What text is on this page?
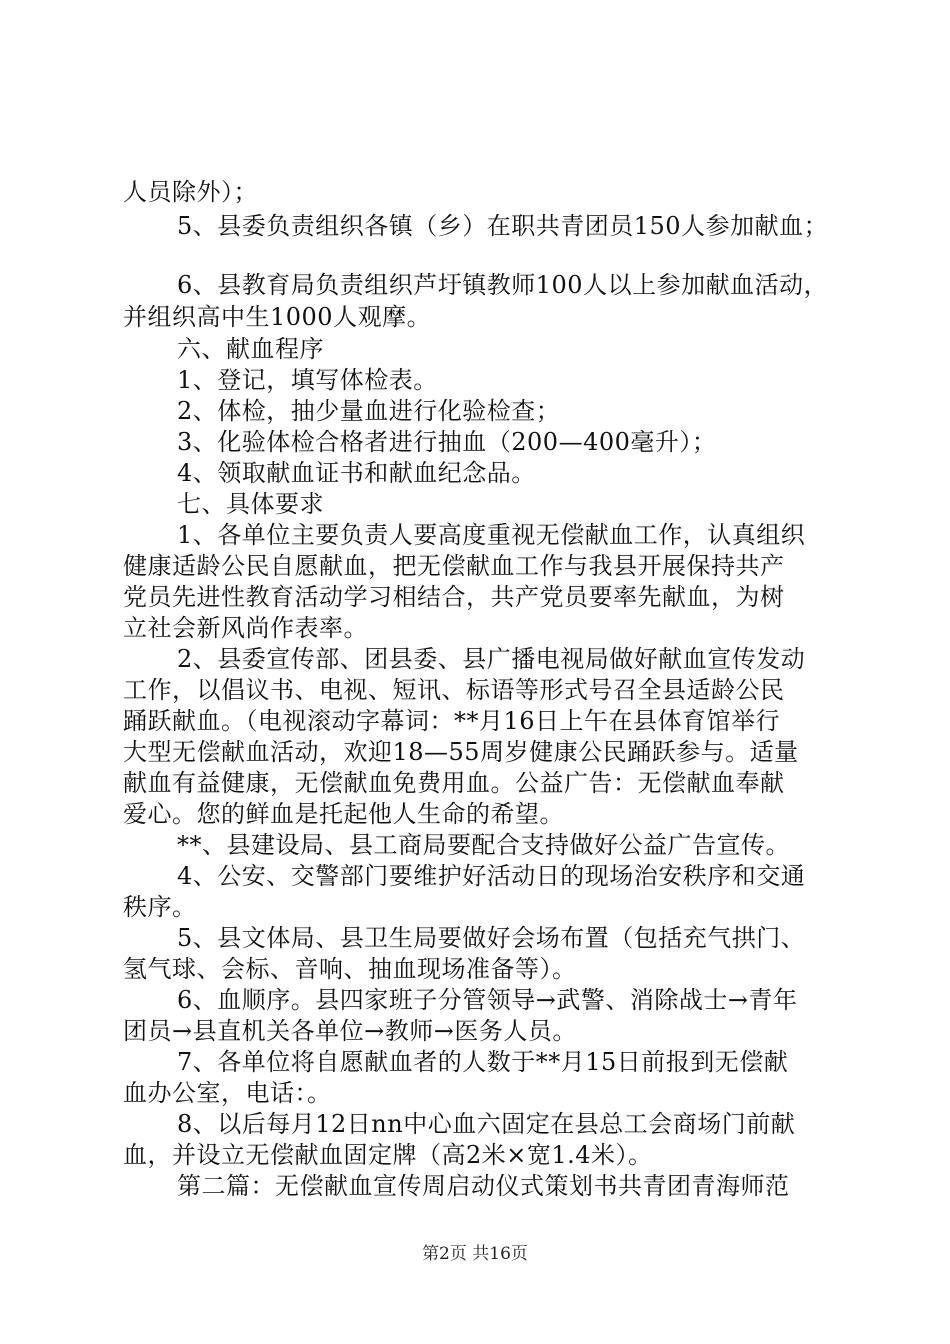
人员除外）；
5、县委负责组织各镇（乡）在职共青团员150人参加献血；
6、县教育局负责组织芦圩镇教师100人以上参加献血活动，
并组织高中生1000人观摩。
六、献血程序
1、登记，填写体检表。
2、体检，抽少量血进行化验检查；
3、化验体检合格者进行抽血（200—400毫升）；
4、领取献血证书和献血纪念品。
七、具体要求
1、各单位主要负责人要高度重视无偿献血工作，认真组织
健康适龄公民自愿献血，把无偿献血工作与我县开展保持共产
党员先进性教育活动学习相结合，共产党员要率先献血，为树
立社会新风尚作表率。
2、县委宣传部、团县委、县广播电视局做好献血宣传发动
工作，以倡议书、电视、短讯、标语等形式号召全县适龄公民
踊跃献血。（电视滚动字幕词：**月16日上午在县体育馆举行
大型无偿献血活动，欢迎18—55周岁健康公民踊跃参与。适量
献血有益健康，无偿献血免费用血。公益广告：无偿献血奉献
爱心。您的鲜血是托起他人生命的希望。
**、县建设局、县工商局要配合支持做好公益广告宣传。
4、公安、交警部门要维护好活动日的现场治安秩序和交通
秩序。
5、县文体局、县卫生局要做好会场布置（包括充气拱门、
氢气球、会标、音响、抽血现场准备等）。
6、血顺序。县四家班子分管领导→武警、消除战士→青年
团员→县直机关各单位→教师→医务人员。
7、各单位将自愿献血者的人数于**月15日前报到无偿献
血办公室，电话：。
8、以后每月12日nn中心血六固定在县总工会商场门前献
血，并设立无偿献血固定牌（高2米×宽1.4米）。
第二篇：无偿献血宣传周启动仪式策划书共青团青海师范
第2页 共16页
